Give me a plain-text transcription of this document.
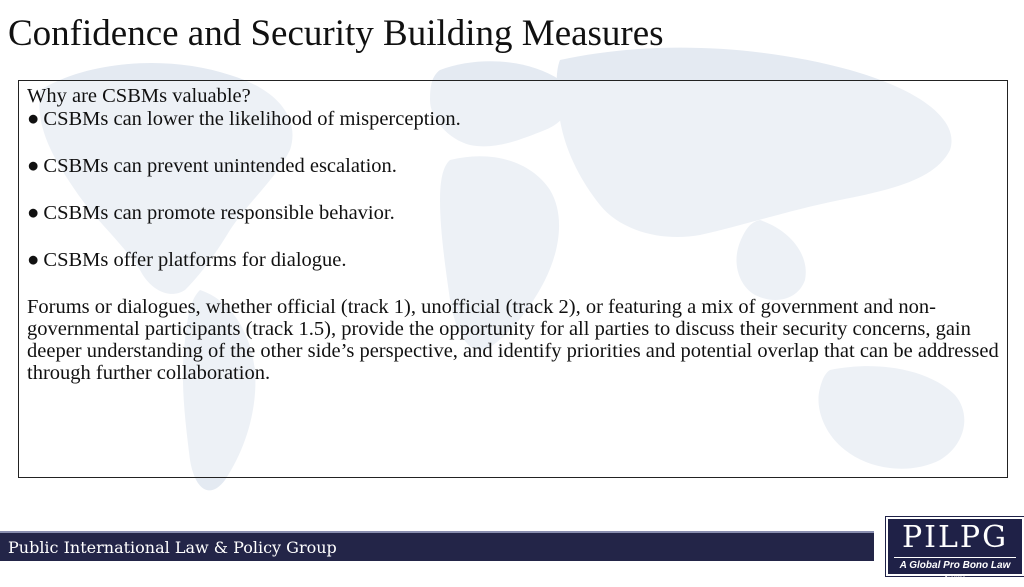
Confidence and Security Building Measures

Why are CSBMs valuable?

● CSBMs can lower the likelihood of misperception.
● CSBMs can prevent unintended escalation.
● CSBMs can promote responsible behavior.
● CSBMs offer platforms for dialogue.

Forums or dialogues, whether official (track 1), unofficial (track 2), or featuring a mix of government and non-governmental participants (track 1.5), provide the opportunity for all parties to discuss their security concerns, gain deeper understanding of the other side’s perspective, and identify priorities and potential overlap that can be addressed through further collaboration.

Public International Law & Policy Group	PILPG
A Global Pro Bono Law Firm
